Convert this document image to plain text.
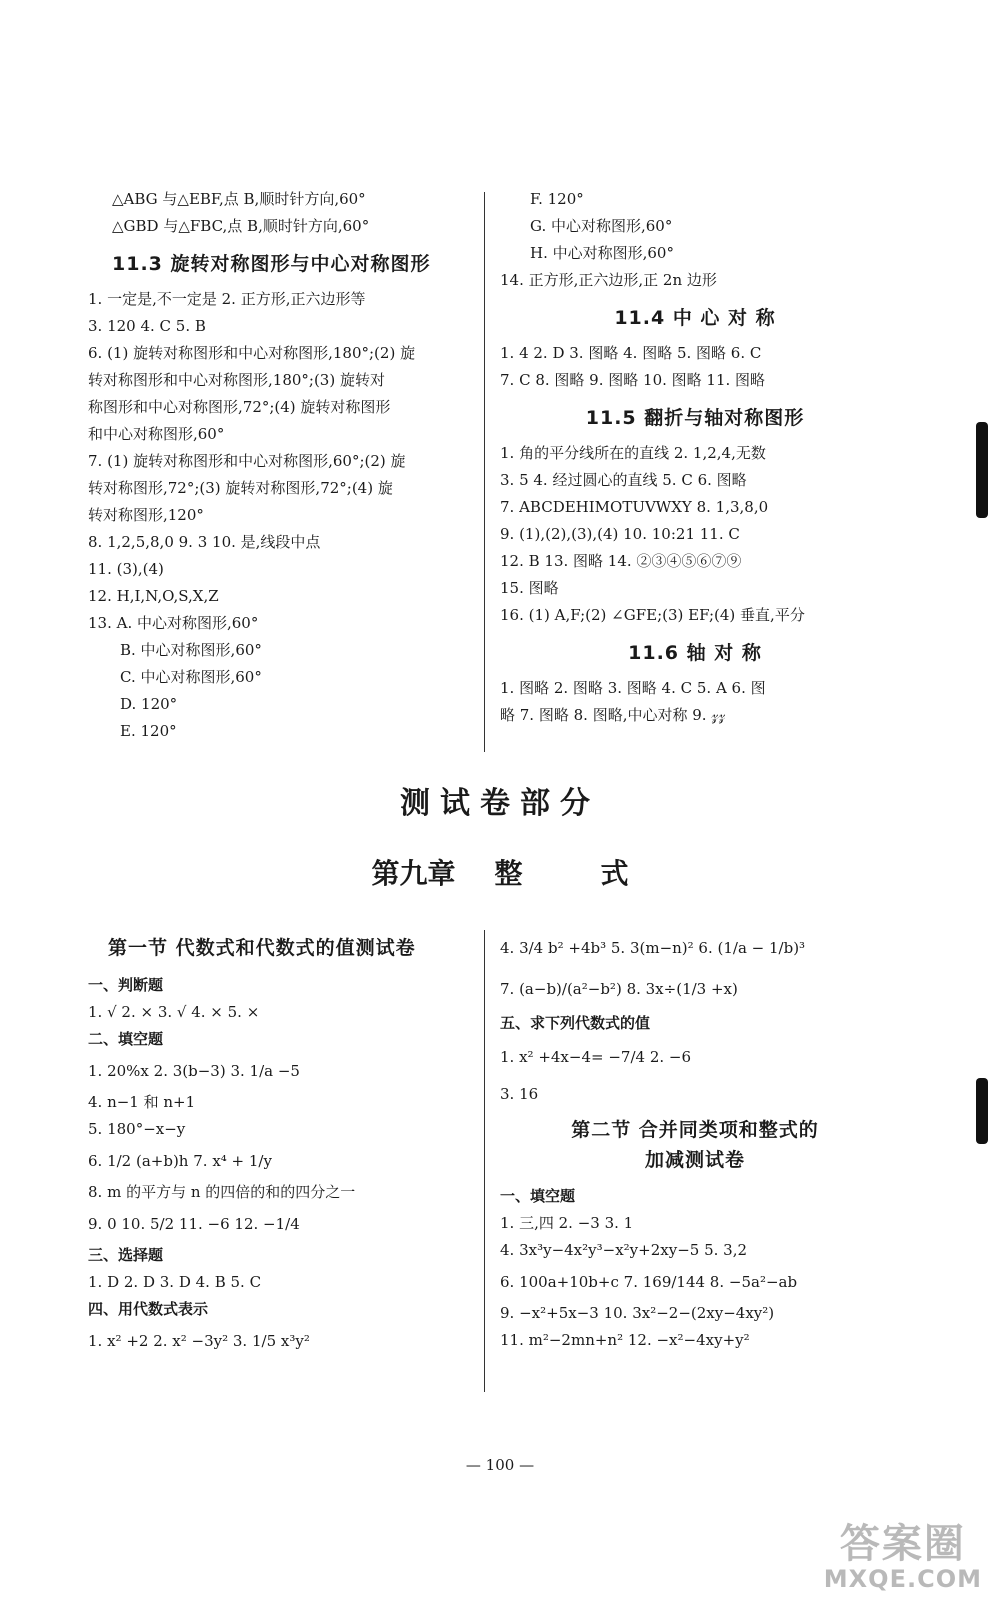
△ABG 与△EBF,点 B,顺时针方向,60°
△GBD 与△FBC,点 B,顺时针方向,60°
11.3 旋转对称图形与中心对称图形
1. 一定是,不一定是 2. 正方形,正六边形等
3. 120 4. C 5. B
6. (1) 旋转对称图形和中心对称图形,180°;(2) 旋
转对称图形和中心对称图形,180°;(3) 旋转对
称图形和中心对称图形,72°;(4) 旋转对称图形
和中心对称图形,60°
7. (1) 旋转对称图形和中心对称图形,60°;(2) 旋
转对称图形,72°;(3) 旋转对称图形,72°;(4) 旋
转对称图形,120°
8. 1,2,5,8,0 9. 3 10. 是,线段中点
11. (3),(4)
12. H,I,N,O,S,X,Z
13. A. 中心对称图形,60°
B. 中心对称图形,60°
C. 中心对称图形,60°
D. 120°
E. 120°
F. 120°
G. 中心对称图形,60°
H. 中心对称图形,60°
14. 正方形,正六边形,正 2n 边形
11.4 中 心 对 称
1. 4 2. D 3. 图略 4. 图略 5. 图略 6. C
7. C 8. 图略 9. 图略 10. 图略 11. 图略
11.5 翻折与轴对称图形
1. 角的平分线所在的直线 2. 1,2,4,无数
3. 5 4. 经过圆心的直线 5. C 6. 图略
7. ABCDEHIMOTUVWXY 8. 1,3,8,0
9. (1),(2),(3),(4) 10. 10:21 11. C
12. B 13. 图略 14. ②③④⑤⑥⑦⑨
15. 图略
16. (1) A,F;(2) ∠GFE;(3) EF;(4) 垂直,平分
11.6 轴 对 称
1. 图略 2. 图略 3. 图略 4. C 5. A 6. 图
略 7. 图略 8. 图略,中心对称 9. 𝓏𝓏
测试卷部分
第九章    整        式
第一节 代数式和代数式的值测试卷
一、判断题
1. √ 2. × 3. √ 4. × 5. ×
二、填空题
1. 20%x 2. 3(b−3) 3. 1/a −5
4. n−1 和 n+1
5. 180°−x−y
6. 1/2 (a+b)h 7. x⁴ + 1/y
8. m 的平方与 n 的四倍的和的四分之一
9. 0 10. 5/2 11. −6 12. −1/4
三、选择题
1. D 2. D 3. D 4. B 5. C
四、用代数式表示
1. x² +2 2. x² −3y² 3. 1/5 x³y²
4. 3/4 b² +4b³ 5. 3(m−n)² 6. (1/a − 1/b)³
7. (a−b)/(a²−b²) 8. 3x÷(1/3 +x)
五、求下列代数式的值
1. x² +4x−4= −7/4 2. −6
3. 16
第二节 合并同类项和整式的
加减测试卷
一、填空题
1. 三,四 2. −3 3. 1
4. 3x³y−4x²y³−x²y+2xy−5 5. 3,2
6. 100a+10b+c 7. 169/144 8. −5a²−ab
9. −x²+5x−3 10. 3x²−2−(2xy−4xy²)
11. m²−2mn+n² 12. −x²−4xy+y²
— 100 —
答案圈
MXQE.COM
